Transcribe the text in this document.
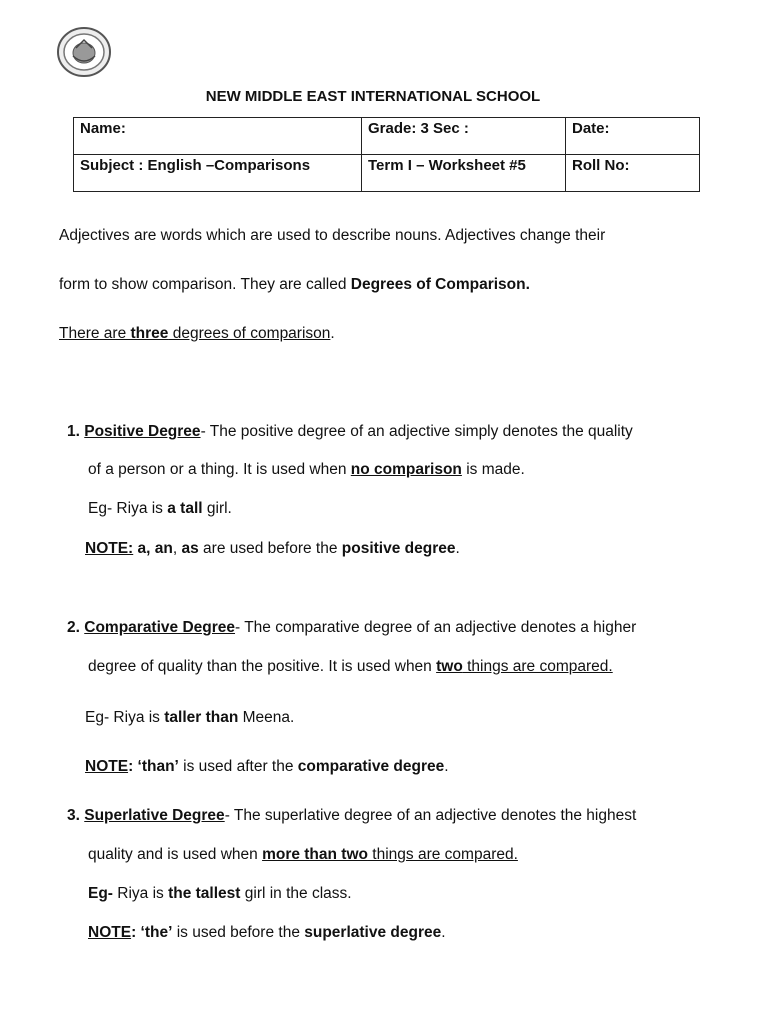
NEW MIDDLE EAST INTERNATIONAL SCHOOL
Name:	Grade: 3 Sec :	Date:
Subject : English –Comparisons	Term I – Worksheet #5	Roll No:
Adjectives are words which are used to describe nouns. Adjectives change their
form to show comparison. They are called Degrees of Comparison.
There are three degrees of comparison.
1. Positive Degree- The positive degree of an adjective simply denotes the quality
of a person or a thing. It is used when no comparison is made.
Eg- Riya is a tall girl.
NOTE: a, an, as are used before the positive degree.
2. Comparative Degree- The comparative degree of an adjective denotes a higher
degree of quality than the positive. It is used when two things are compared.
Eg- Riya is taller than Meena.
NOTE: ‘than’ is used after the comparative degree.
3. Superlative Degree- The superlative degree of an adjective denotes the highest
quality and is used when more than two things are compared.
Eg- Riya is the tallest girl in the class.
NOTE: ‘the’ is used before the superlative degree.
